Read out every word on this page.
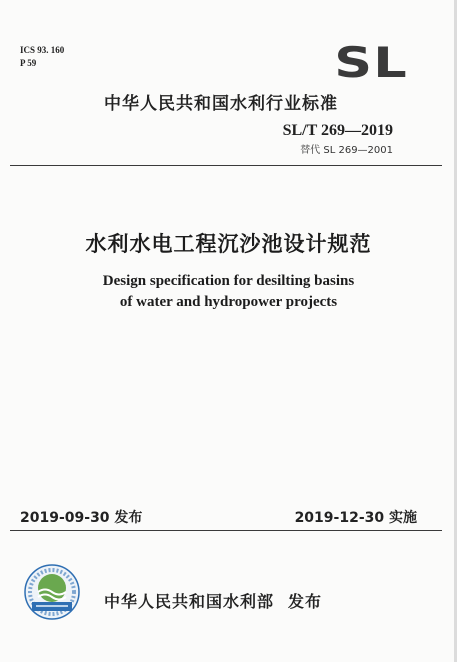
ICS 93. 160
P 59	SL
中华人民共和国水利行业标准
SL/T 269—2019
替代 SL 269—2001
水利水电工程沉沙池设计规范
Design specification for desilting basins
of water and hydropower projects
2019-09-30 发布	2019-12-30 实施
中华人民共和国水利部 发布
